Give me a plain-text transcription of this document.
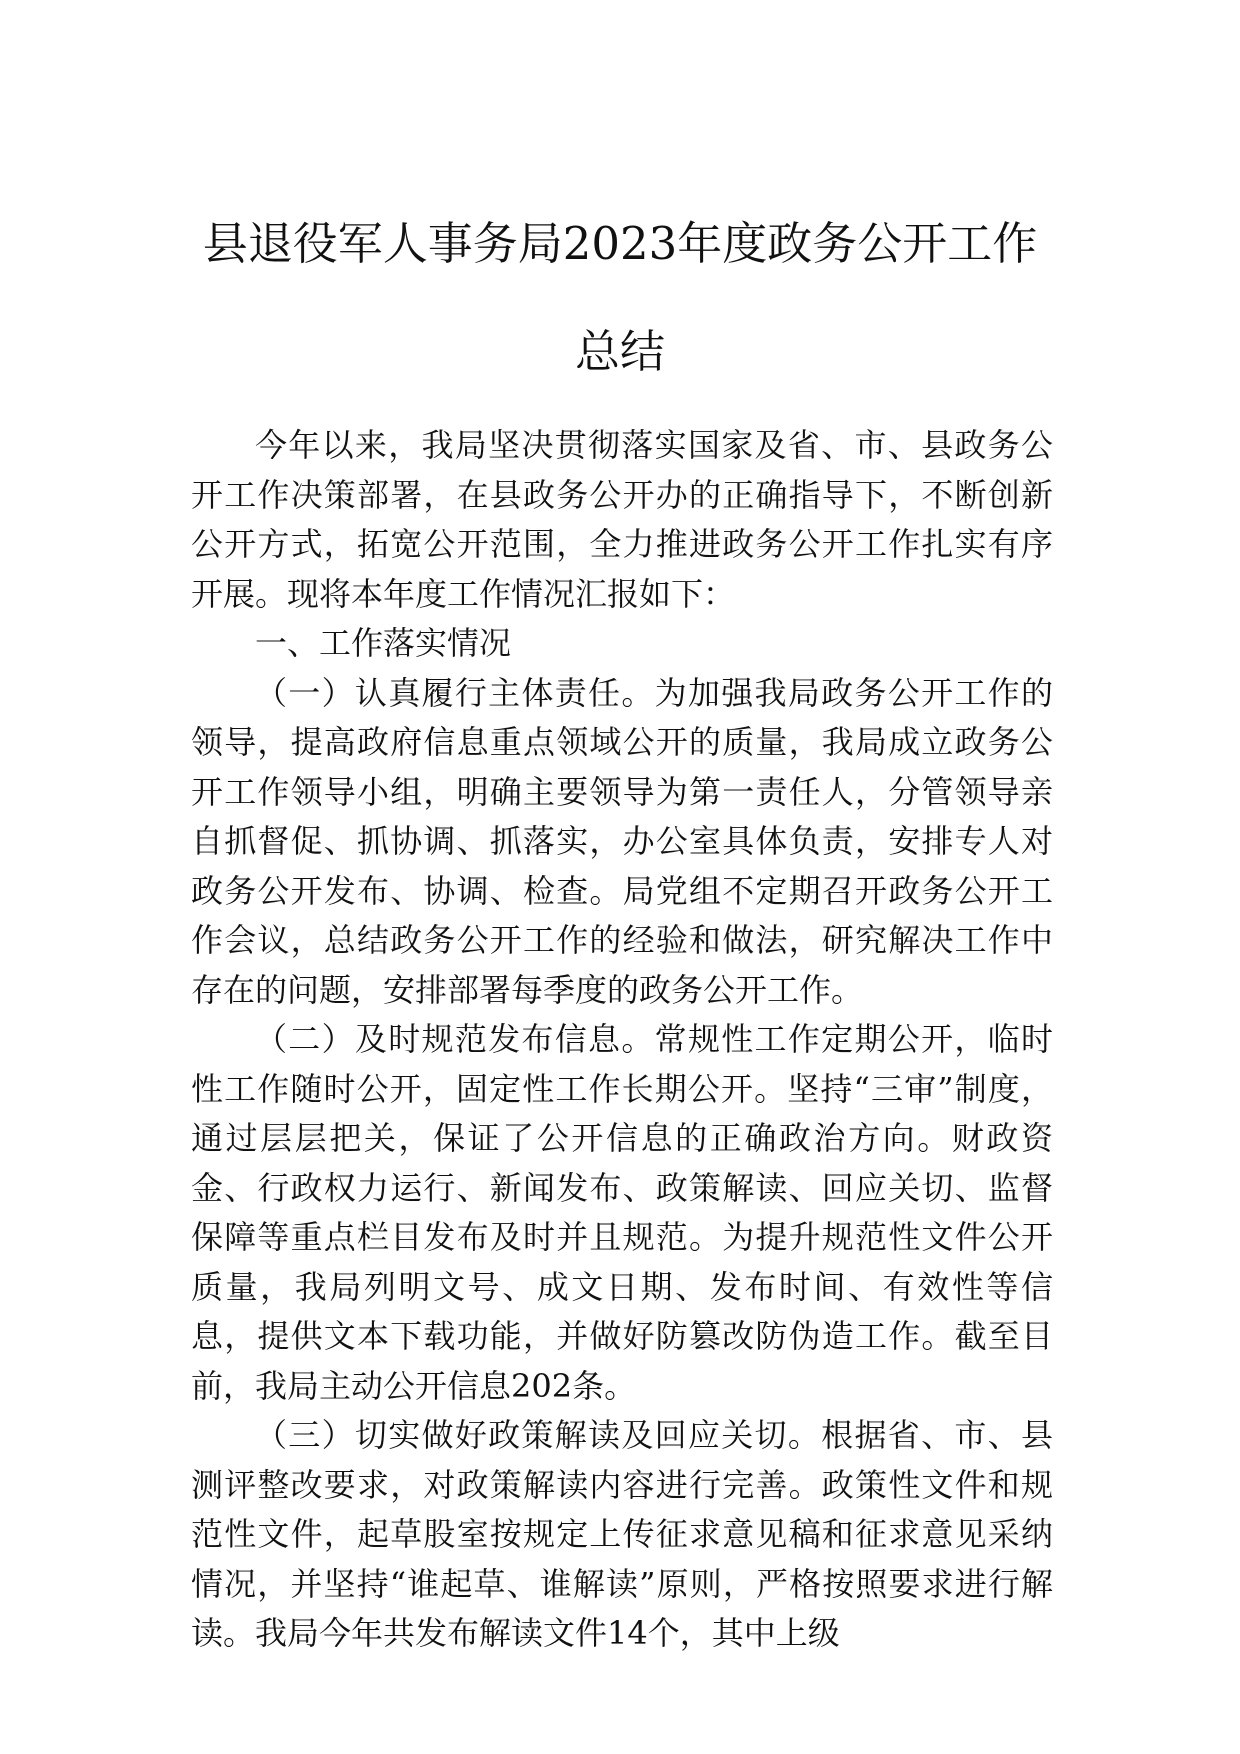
县退役军人事务局2023年度政务公开工作
总结

今年以来，我局坚决贯彻落实国家及省、市、县政务公开工作决策部署，在县政务公开办的正确指导下，不断创新公开方式，拓宽公开范围，全力推进政务公开工作扎实有序开展。现将本年度工作情况汇报如下：

一、工作落实情况

（一）认真履行主体责任。为加强我局政务公开工作的领导，提高政府信息重点领域公开的质量，我局成立政务公开工作领导小组，明确主要领导为第一责任人，分管领导亲自抓督促、抓协调、抓落实，办公室具体负责，安排专人对政务公开发布、协调、检查。局党组不定期召开政务公开工作会议，总结政务公开工作的经验和做法，研究解决工作中存在的问题，安排部署每季度的政务公开工作。

（二）及时规范发布信息。常规性工作定期公开，临时性工作随时公开，固定性工作长期公开。坚持“三审”制度，通过层层把关，保证了公开信息的正确政治方向。财政资金、行政权力运行、新闻发布、政策解读、回应关切、监督保障等重点栏目发布及时并且规范。为提升规范性文件公开质量，我局列明文号、成文日期、发布时间、有效性等信息，提供文本下载功能，并做好防篡改防伪造工作。截至目前，我局主动公开信息202条。

（三）切实做好政策解读及回应关切。根据省、市、县测评整改要求，对政策解读内容进行完善。政策性文件和规范性文件，起草股室按规定上传征求意见稿和征求意见采纳情况，并坚持“谁起草、谁解读”原则，严格按照要求进行解读。我局今年共发布解读文件14个，其中上级
